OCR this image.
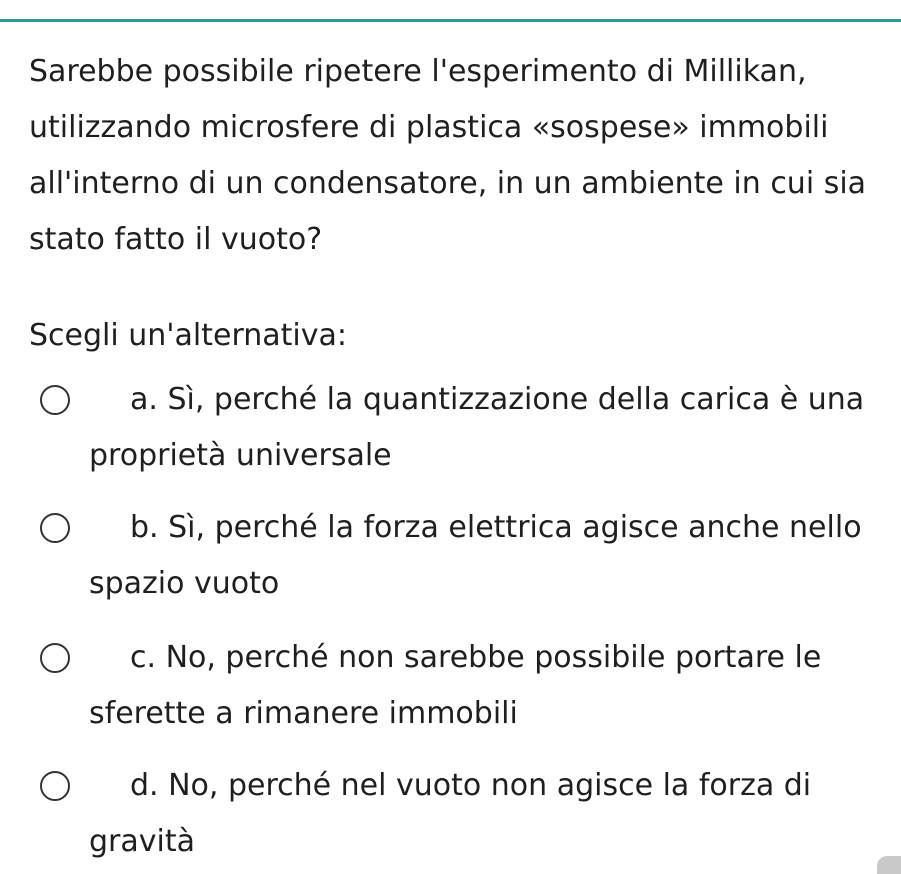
Sarebbe possibile ripetere l'esperimento di Millikan, utilizzando microsfere di plastica «sospese» immobili all'interno di un condensatore, in un ambiente in cui sia stato fatto il vuoto?

Scegli un'alternativa:

a. Sì, perché la quantizzazione della carica è una proprietà universale

b. Sì, perché la forza elettrica agisce anche nello spazio vuoto

c. No, perché non sarebbe possibile portare le sferette a rimanere immobili

d. No, perché nel vuoto non agisce la forza di gravità
